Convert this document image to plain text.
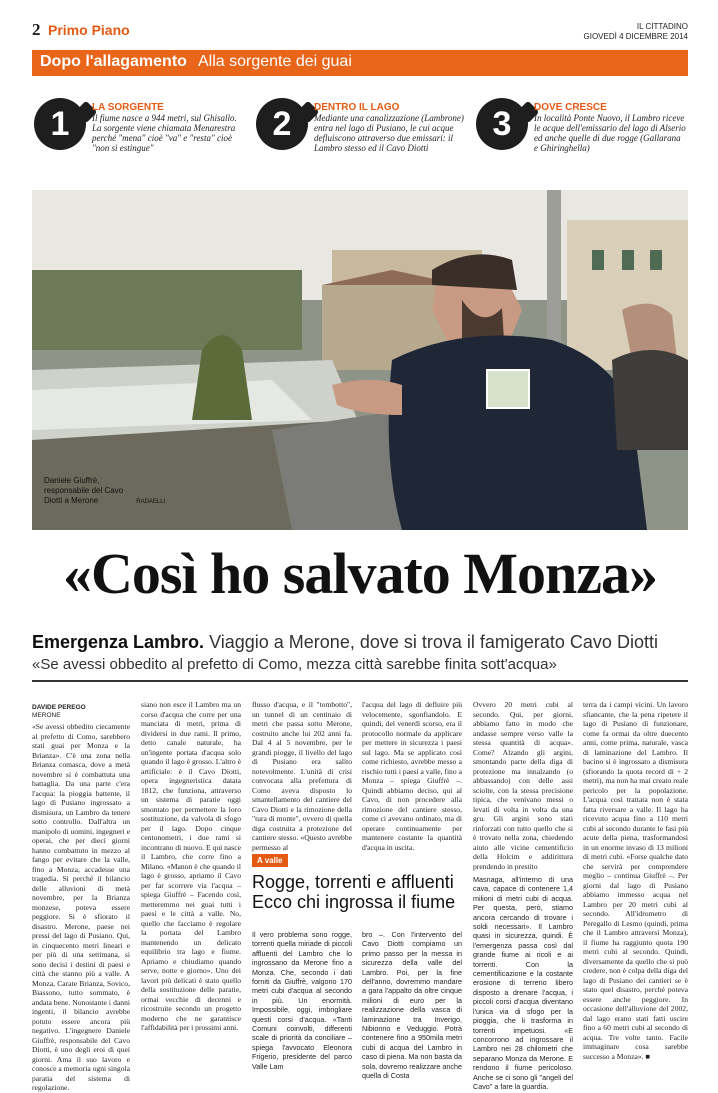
2 Primo Piano	IL CITTADINO
GIOVEDÌ 4 DICEMBRE 2014
Dopo l'allagamento Alla sorgente dei guai
1	LA SORGENTE
Il fiume nasce a 944 metri, sul Ghisallo. La sorgente viene chiamata Menarestra perché "mena" cioè "va" e "resta" cioè "non si estingue"
2	DENTRO IL LAGO
Mediante una canalizzazione (Lambrone) entra nel lago di Pusiano, le cui acque defluiscono attraverso due emissari: il Lambro stesso ed il Cavo Diotti
3	DOVE CRESCE
In località Ponte Nuovo, il Lambro riceve le acque dell'emissario del lago di Alserio ed anche quelle di due rogge (Gallarana e Ghiringhella)
Daniele Giuffrè, responsabile del Cavo Diotti a Merone	RADAELLI
«Così ho salvato Monza»
Emergenza Lambro. Viaggio a Merone, dove si trova il famigerato Cavo Diotti
«Se avessi obbedito al prefetto di Como, mezza città sarebbe finita sott'acqua»
DAVIDE PEREGO
MERONE
«Se avessi obbedito ciecamente al prefetto di Como, sarebbero stati guai per Monza e la Brianza». C'è una zona nella Brianza comasca, dove a metà novembre si è combattuta una battaglia. Da una parte c'era l'acqua: la pioggia battente, il lago di Pusiano ingrossato a dismisura, un Lambro da tenere sotto controllo. Dall'altra un manipolo di uomini, ingegneri e operai, che per dieci giorni hanno combattuto in mezzo al fango per evitare che la valle, fino a Monza, accadesse una tragedia. Si perché il bilancio delle alluvioni di metà novembre, per la Brianza monzese, poteva essere peggiore. Si è sfiorato il disastro. Merone, paese nei pressi del lago di Pusiano. Qui, in cinquecento metri lineari e per più di una settimana, si sono decisi i destini di paesi e città che stanno più a valle. A Monza, Carate Brianza, Sovico, Biassono, tutto sommato, è andata bene. Nonostante i danni ingenti, il bilancio avrebbe potuto essere ancora più negativo. L'ingegnere Daniele Giuffrè, responsabile del Cavo Diotti, è uno degli eroi di quei giorni. Ama il suo lavoro e conosce a memoria ogni singola paratia del sistema di regolazione.
siano non esce il Lambro ma un corso d'acqua che corre per una manciata di metri, prima di dividersi in due rami. Il primo, detto canale naturale, ha un'ingente portata d'acqua solo quando il lago è grosso. L'altro è artificiale: è il Cavo Diotti, opera ingegneristica datata 1812, che funziona, attraverso un sistema di paratie oggi smontato per permettere la loro sostituzione, da valvola di sfogo per il lago. Dopo cinque centonometri, i due rami si incontrano di nuovo. E qui nasce il Lambro, che corre fino a Milano. «Manon è che quando il lago è grosso, apriamo il Cavo per far scorrere via l'acqua – spiega Giuffrè – Facendo così, metteremmo nei guai tutti i paesi e le città a valle. No, quello che facciamo è regolare la portata del Lambro mantenendo un delicato equilibrio tra lago e fiume. Apriamo e chiudiamo quando serve, notte e giorno». Uno dei lavori più delicati è stato quello della sostituzione delle paratie, ormai vecchie di decenni e ricostruite secondo un progetto moderno che ne garantisce l'affidabilità per i prossimi anni.
flusso d'acqua, e il "tombotto", un tunnel di un centinaio di metri che passa sotto Merone, costruito anche lui 202 anni fa. Dal 4 al 5 novembre, per le grandi piogge, il livello del lago di Pusiano era salito notevolmente. L'unità di crisi convocata alla prefettura di Como aveva disposto lo smantellamento del cantiere del Cavo Diotti e la rimozione della "tura di monte", ovvero di quella diga costruita a protezione del cantiere stesso. «Questo avrebbe permesso al
l'acqua del lago di defluire più velocemente, sgonfiandolo. E quindi, del venerdì scorso, era il protocollo normale da applicare per mettere in sicurezza i paesi sul lago. Ma se applicato così come richiesto, avrebbe messo a rischio tutti i paesi a valle, fino a Monza – spiega Giuffrè –. Quindi abbiamo deciso, qui al Cavo, di non procedere alla rimozione del cantiere stesso, come ci avevano ordinato, ma di operare continuamente per mantenere costante la quantità d'acqua in uscita.
Ovvero 20 metri cubi al secondo. Qui, per giorni, abbiamo fatto in modo che andasse sempre verso valle la stessa quantità di acqua». Come? Alzando gli argini, smontando parte della diga di protezione ma innalzando (o abbassando) con delle assi sciolte, con la stessa precisione tipica, che venivano messi o levati di volta in volta da una gru. Gli argini sono stati rinforzati con tutto quello che si è trovato nella zona, chiedendo aiuto alle vicine cementificio della Holcim e addirittura prendendo in prestito
terra da i campi vicini. Un lavoro sfiancante, che la pena ripetere il lago di Pusiano di funzionare, come fa ormai da oltre duecento anni, come prima, naturale, vasca di laminazione del Lambro. Il bacino si è ingrossato a dismisura (sfiorando la quota record di + 2 metri), ma non ha mai creato reale pericolo per la popolazione. L'acqua così trattata non è stata fatta riversare a valle. Il lago ha ricevuto acqua fino a 110 metri cubi al secondo durante le fasi più acute della piena, trasformandosi in un enorme invaso di 13 milioni di metri cubi. «Forse qualche dato che servirà per comprendere meglio – continua Giuffrè –. Per giorni dal lago di Pusiano abbiamo immesso acqua nel Lambro per 20 metri cubi al secondo. All'idrometro di Peregallo di Lesmo (quindi, prima che il Lambro attraversi Monza), il fiume ha raggiunto quota 190 metri cubi al secondo. Quindi, diversamente da quello che si può credere, non è colpa della diga del lago di Pusiano dei cantieri se è stato quel disastro, perché poteva essere anche peggiore. In occasione dell'alluvione del 2002, dal lago erano stati fatti uscire fino a 60 metri cubi al secondo di acqua. Tre volte tanto. Facile immaginare cosa sarebbe successo a Monza». ■
A valle
Rogge, torrenti e affluenti Ecco chi ingrossa il fiume
Il vero problema sono rogge, torrenti quella miriade di piccoli affluenti del Lambro che lo ingrossano da Merone fino a Monza. Che, secondo i dati forniti da Giuffrè, valgono 170 metri cubi d'acqua al secondo in più. Un enormità. Impossibile, oggi, imbrigliare questi corsi d'acqua. «Tanti Comuni coinvolti, differenti scale di priorità da conciliare – spiega l'avvocato Eleonora Frigerio, presidente del parco Valle Lam
bro –. Con l'intervento del Cavo Diotti compiamo un primo passo per la messa in sicurezza della valle del Lambro. Poi, per la fine dell'anno, dovremmo mandare a gara l'appalto da oltre cinque milioni di euro per la realizzazione della vasca di laminazione tra Inverigo, Nibionno e Veduggio. Potrà contenere fino a 950mila metri cubi di acqua del Lambro in caso di piena. Ma non basta da sola, dovremo realizzare anche quella di Costa
Masnaga, all'interno di una cava, capace di contenere 1,4 milioni di metri cubi di acqua. Per questa, però, stiamo ancora cercando di trovare i soldi necessari». Il Lambro quasi in sicurezza, quindi. È l'emergenza passa così dal grande fiume ai ricoli e ai torrenti. Con la cementificazione e la costante erosione di terreno libero disposto a drenare l'acqua, i piccoli corsi d'acqua diventano l'unica via di sfogo per la pioggia, che li trasforma in torrenti impetuosi. «E concorrono ad ingrossare il Lambro nei 28 chilometri che separano Monza da Merone. E rendono il fiume pericoloso. Anche se ci sono gli "angeli del Cavo" a fare la guardia.
